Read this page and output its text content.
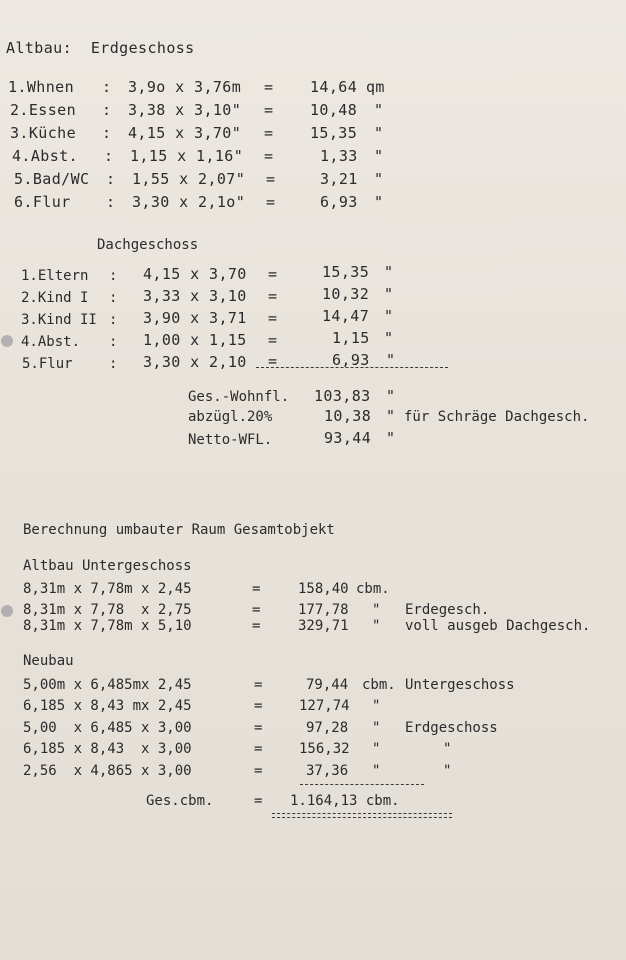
Altbau:  Erdgeschoss
1.Whnen : 3,9o x 3,76m = 14,64 qm
2.Essen : 3,38 x 3,10" = 10,48 "
3.Küche : 4,15 x 3,70" = 15,35 "
4.Abst. : 1,15 x 1,16" =	1,33 "
5.Bad/WC : 1,55 x 2,07" =	3,21 "
6.Flur : 3,30 x 2,1o" =	6,93 "
Dachgeschoss
1.Eltern : 4,15 x 3,70 =	15,35 "
2.Kind I : 3,33 x 3,10 =	10,32 "
3.Kind II : 3,90 x 3,71 =	14,47 "
4.Abst. : 1,00 x 1,15 =	1,15 "
5.Flur	: 3,30 x 2,10 =	6,93 "
Ges.-Wohnfl. 103,83 "
abzügl.20%	10,38 " für Schräge Dachgesch.
Netto-WFL.	93,44 "
Berechnung umbauter Raum Gesamtobjekt
Altbau Untergeschoss
8,31m x 7,78m x 2,45	=	158,40 cbm.
8,31m x 7,78  x 2,75	=	177,78 " Erdegesch.
8,31m x 7,78m x 5,10	=	329,71 " voll ausgeb Dachgesch.
Neubau
5,00m x 6,485mx 2,45	=	79,44 cbm. Untergeschoss
6,185 x 8,43 mx 2,45	=	127,74 "
5,00  x 6,485 x 3,00	=	97,28 " Erdgeschoss
6,185 x 8,43  x 3,00	=	156,32 "	"
2,56  x 4,865 x 3,00	=	37,36 "	"
Ges.cbm.	= 1.164,13 cbm.
